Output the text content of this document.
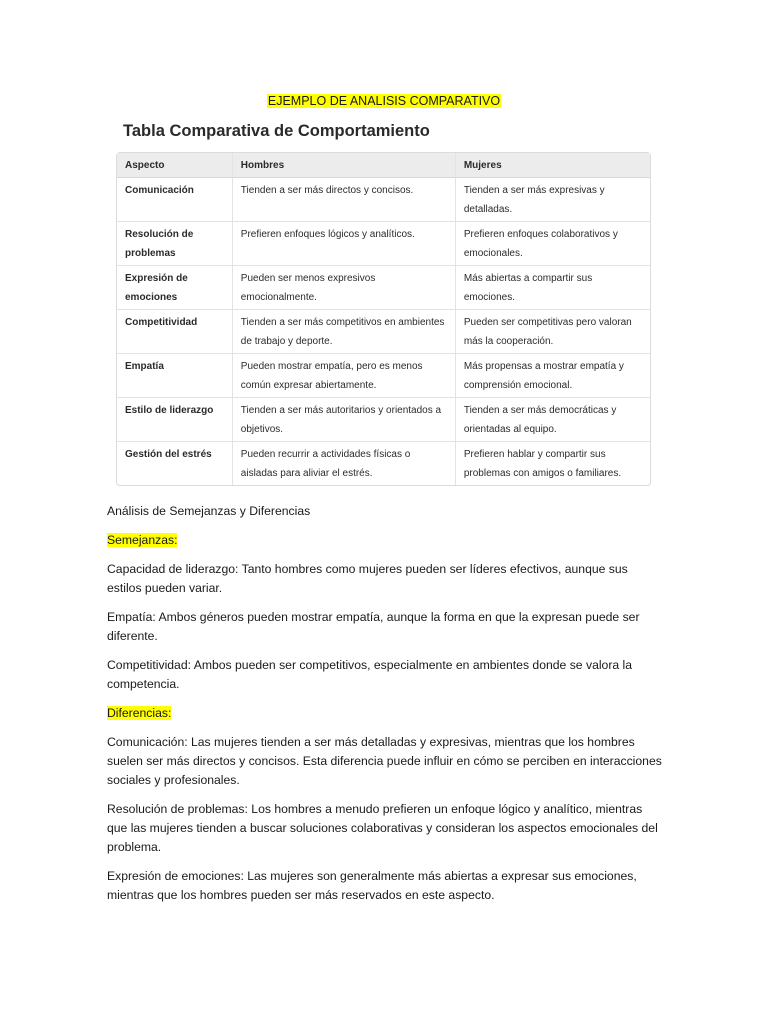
EJEMPLO DE ANALISIS COMPARATIVO
Tabla Comparativa de Comportamiento
Aspecto	Hombres	Mujeres
Comunicación	Tienden a ser más directos y concisos.	Tienden a ser más expresivas y detalladas.
Resolución de problemas	Prefieren enfoques lógicos y analíticos.	Prefieren enfoques colaborativos y emocionales.
Expresión de emociones	Pueden ser menos expresivos emocionalmente.	Más abiertas a compartir sus emociones.
Competitividad	Tienden a ser más competitivos en ambientes de trabajo y deporte.	Pueden ser competitivas pero valoran más la cooperación.
Empatía	Pueden mostrar empatía, pero es menos común expresar abiertamente.	Más propensas a mostrar empatía y comprensión emocional.
Estilo de liderazgo	Tienden a ser más autoritarios y orientados a objetivos.	Tienden a ser más democráticas y orientadas al equipo.
Gestión del estrés	Pueden recurrir a actividades físicas o aisladas para aliviar el estrés.	Prefieren hablar y compartir sus problemas con amigos o familiares.

Análisis de Semejanzas y Diferencias

Semejanzas:

Capacidad de liderazgo: Tanto hombres como mujeres pueden ser líderes efectivos, aunque sus estilos pueden variar.

Empatía: Ambos géneros pueden mostrar empatía, aunque la forma en que la expresan puede ser diferente.

Competitividad: Ambos pueden ser competitivos, especialmente en ambientes donde se valora la competencia.

Diferencias:

Comunicación: Las mujeres tienden a ser más detalladas y expresivas, mientras que los hombres suelen ser más directos y concisos. Esta diferencia puede influir en cómo se perciben en interacciones sociales y profesionales.

Resolución de problemas: Los hombres a menudo prefieren un enfoque lógico y analítico, mientras que las mujeres tienden a buscar soluciones colaborativas y consideran los aspectos emocionales del problema.

Expresión de emociones: Las mujeres son generalmente más abiertas a expresar sus emociones, mientras que los hombres pueden ser más reservados en este aspecto.
